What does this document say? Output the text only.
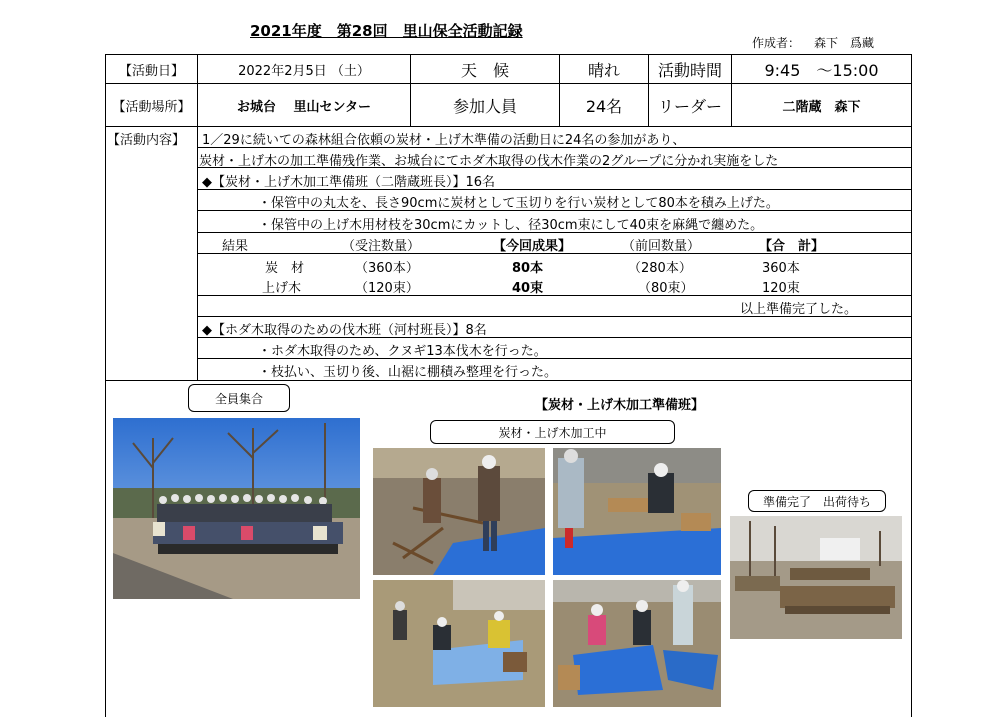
2021年度　第28回　里山保全活動記録
作成者： 森下　爲藏
【活動日】	2022年2月5日 （土）	天　候	晴れ	活動時間	9:45　～15:00
【活動場所】	お城台　 里山センター	参加人員	24名	リーダー	二階蔵　森下
【活動内容】 1／29に続いての森林組合依頼の炭材・上げ木準備の活動日に24名の参加があり、
炭材・上げ木の加工準備残作業、お城台にてホダ木取得の伐木作業の2グループに分かれ実施をした
◆【炭材・上げ木加工準備班（二階蔵班長）】16名
・保管中の丸太を、長さ90cmに炭材として玉切りを行い炭材として80本を積み上げた。
・保管中の上げ木用材枝を30cmにカットし、径30cm束にして40束を麻縄で纏めた。
結果	（受注数量）	【今回成果】	（前回数量）	【合　計】
炭　材	（360本）	80本	（280本）	360本
上げ木	（120束）	40束	（80束）	120束
以上準備完了した。
◆【ホダ木取得のための伐木班（河村班長）】8名
・ホダ木取得のため、クヌギ13本伐木を行った。
・枝払い、玉切り後、山裾に棚積み整理を行った。
全員集合	【炭材・上げ木加工準備班】
炭材・上げ木加工中
準備完了　出荷待ち
